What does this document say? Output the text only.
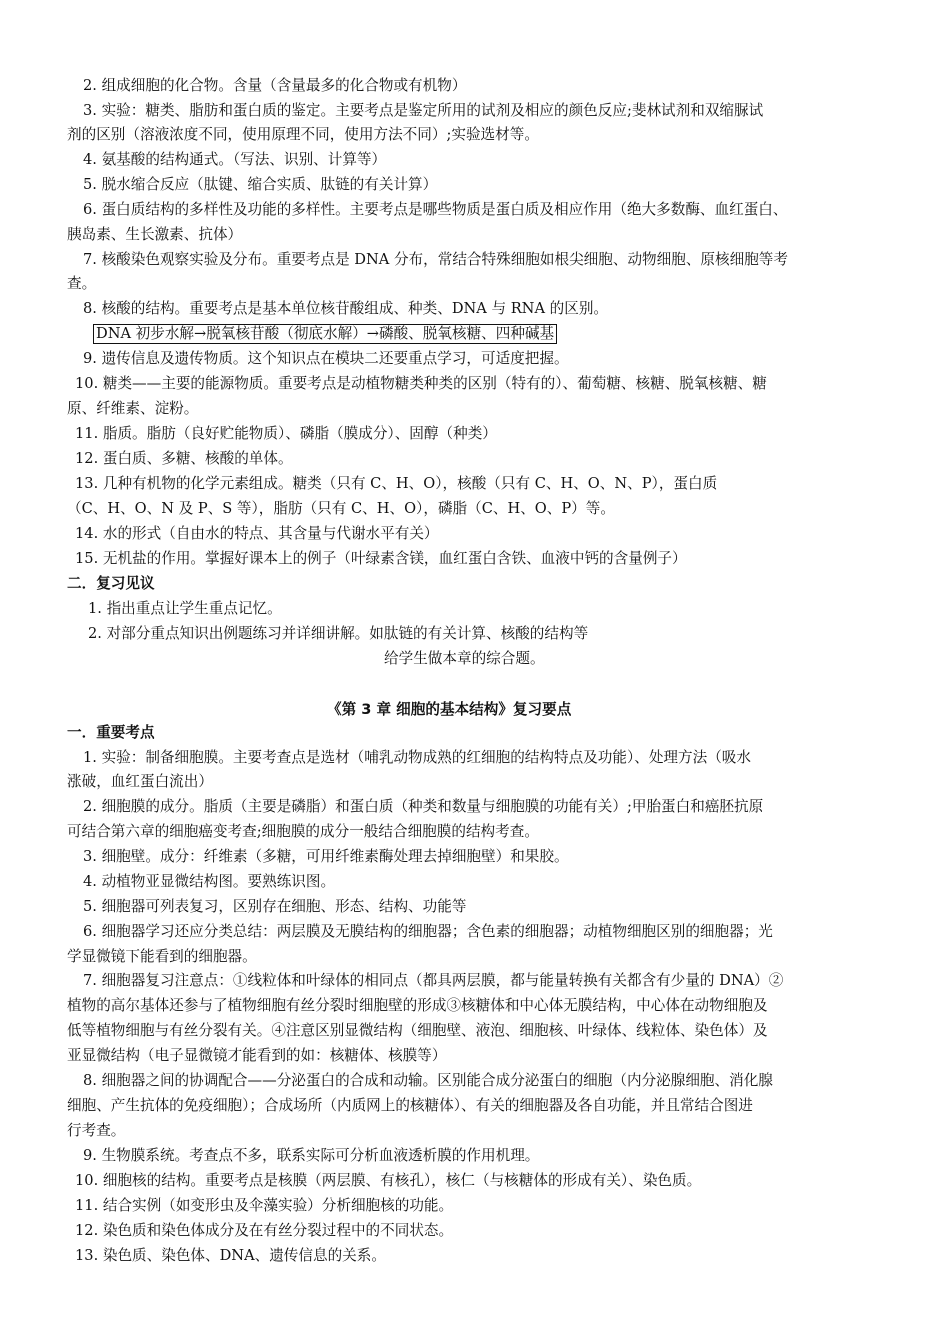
2. 组成细胞的化合物。含量（含量最多的化合物或有机物）
3. 实验：糖类、脂肪和蛋白质的鉴定。主要考点是鉴定所用的试剂及相应的颜色反应;斐林试剂和双缩脲试
剂的区别（溶液浓度不同，使用原理不同，使用方法不同）;实验选材等。
4. 氨基酸的结构通式。（写法、识别、计算等）
5. 脱水缩合反应（肽键、缩合实质、肽链的有关计算）
6. 蛋白质结构的多样性及功能的多样性。主要考点是哪些物质是蛋白质及相应作用（绝大多数酶、血红蛋白、
胰岛素、生长激素、抗体）
7. 核酸染色观察实验及分布。重要考点是 DNA 分布，常结合特殊细胞如根尖细胞、动物细胞、原核细胞等考
查。
8. 核酸的结构。重要考点是基本单位核苷酸组成、种类、DNA 与 RNA 的区别。
DNA 初步水解→脱氧核苷酸（彻底水解）→磷酸、脱氧核糖、四种碱基
9. 遗传信息及遗传物质。这个知识点在模块二还要重点学习，可适度把握。
10. 糖类——主要的能源物质。重要考点是动植物糖类种类的区别（特有的）、葡萄糖、核糖、脱氧核糖、糖
原、纤维素、淀粉。
11. 脂质。脂肪（良好贮能物质）、磷脂（膜成分）、固醇（种类）
12. 蛋白质、多糖、核酸的单体。
13. 几种有机物的化学元素组成。糖类（只有 C、H、O），核酸（只有 C、H、O、N、P），蛋白质
（C、H、O、N 及 P、S 等），脂肪（只有 C、H、O），磷脂（C、H、O、P）等。
14. 水的形式（自由水的特点、其含量与代谢水平有关）
15. 无机盐的作用。掌握好课本上的例子（叶绿素含镁，血红蛋白含铁、血液中钙的含量例子）
二．复习见议
1. 指出重点让学生重点记忆。
2. 对部分重点知识出例题练习并详细讲解。如肽链的有关计算、核酸的结构等
给学生做本章的综合题。
《第 3 章 细胞的基本结构》复习要点
一．重要考点
1. 实验：制备细胞膜。主要考查点是选材（哺乳动物成熟的红细胞的结构特点及功能）、处理方法（吸水
涨破，血红蛋白流出）
2. 细胞膜的成分。脂质（主要是磷脂）和蛋白质（种类和数量与细胞膜的功能有关）;甲胎蛋白和癌胚抗原
可结合第六章的细胞癌变考查;细胞膜的成分一般结合细胞膜的结构考查。
3. 细胞壁。成分：纤维素（多糖，可用纤维素酶处理去掉细胞壁）和果胶。
4. 动植物亚显微结构图。要熟练识图。
5. 细胞器可列表复习，区别存在细胞、形态、结构、功能等
6. 细胞器学习还应分类总结：两层膜及无膜结构的细胞器；含色素的细胞器；动植物细胞区别的细胞器；光
学显微镜下能看到的细胞器。
7. 细胞器复习注意点：①线粒体和叶绿体的相同点（都具两层膜，都与能量转换有关都含有少量的 DNA）②
植物的高尔基体还参与了植物细胞有丝分裂时细胞壁的形成③核糖体和中心体无膜结构，中心体在动物细胞及
低等植物细胞与有丝分裂有关。④注意区别显微结构（细胞壁、液泡、细胞核、叶绿体、线粒体、染色体）及
亚显微结构（电子显微镜才能看到的如：核糖体、核膜等）
8. 细胞器之间的协调配合——分泌蛋白的合成和动输。区别能合成分泌蛋白的细胞（内分泌腺细胞、消化腺
细胞、产生抗体的免疫细胞）；合成场所（内质网上的核糖体）、有关的细胞器及各自功能，并且常结合图进
行考查。
9. 生物膜系统。考查点不多，联系实际可分析血液透析膜的作用机理。
10. 细胞核的结构。重要考点是核膜（两层膜、有核孔），核仁（与核糖体的形成有关）、染色质。
11. 结合实例（如变形虫及伞藻实验）分析细胞核的功能。
12. 染色质和染色体成分及在有丝分裂过程中的不同状态。
13. 染色质、染色体、DNA、遗传信息的关系。
